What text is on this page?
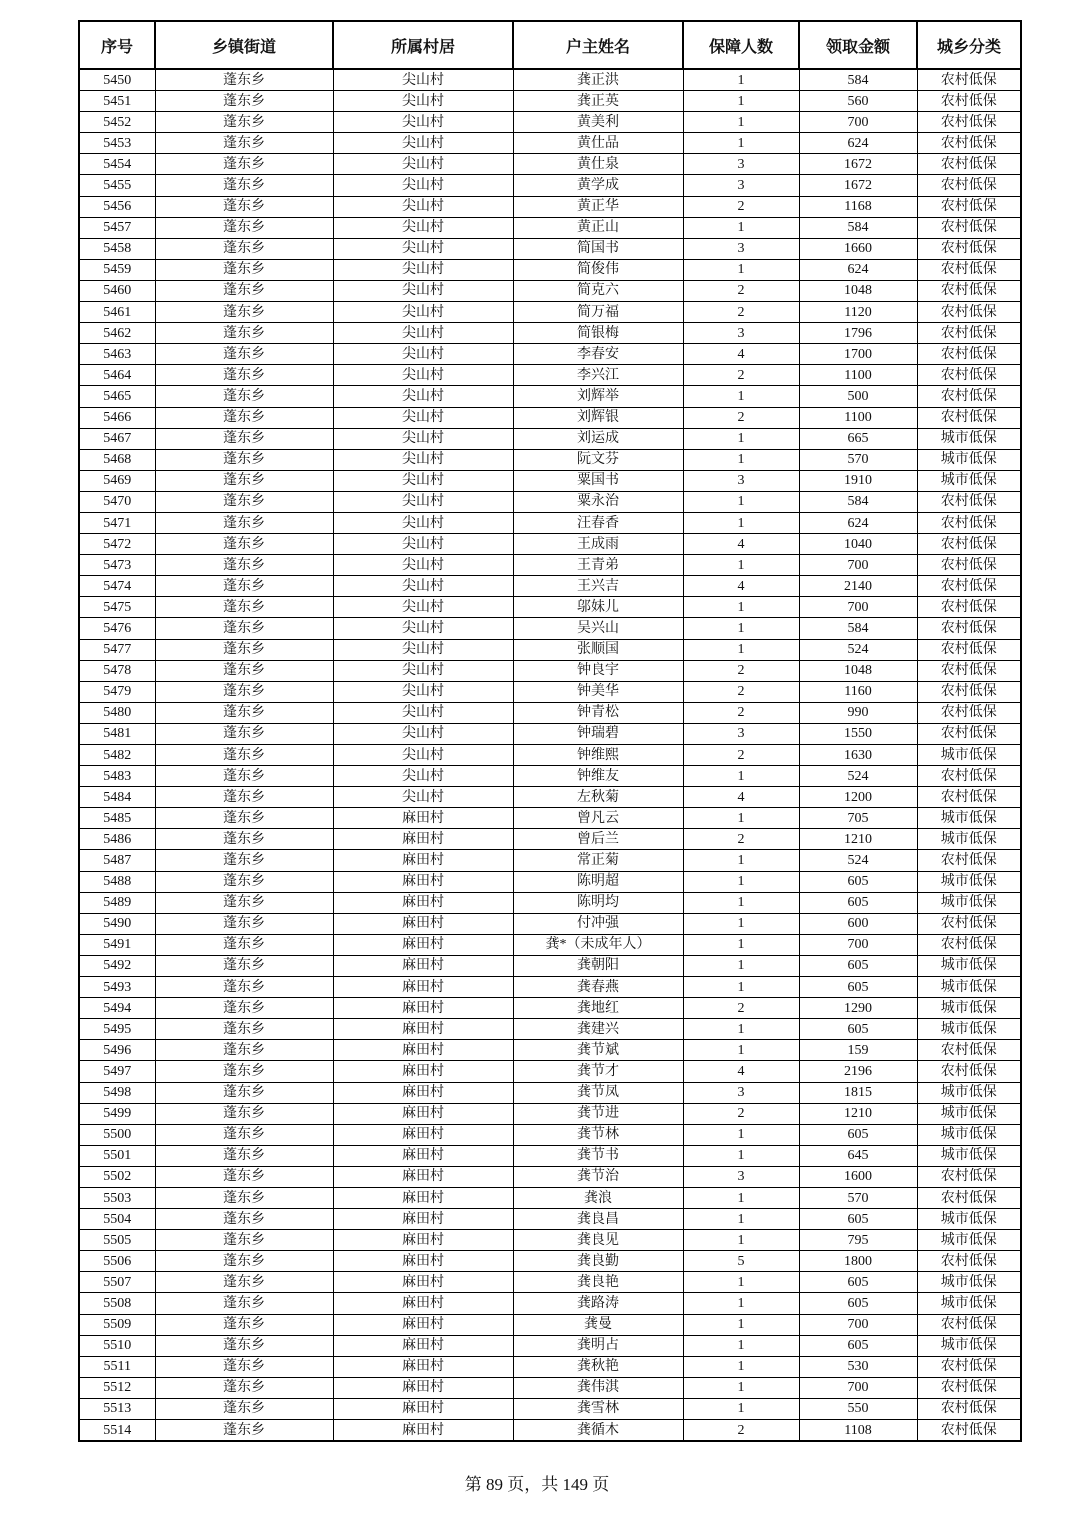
序号	乡镇街道	所属村居	户主姓名	保障人数	领取金额	城乡分类
5450	蓬东乡	尖山村	龚正洪	1	584	农村低保
5451	蓬东乡	尖山村	龚正英	1	560	农村低保
5452	蓬东乡	尖山村	黄美利	1	700	农村低保
5453	蓬东乡	尖山村	黄仕品	1	624	农村低保
5454	蓬东乡	尖山村	黄仕泉	3	1672	农村低保
5455	蓬东乡	尖山村	黄学成	3	1672	农村低保
5456	蓬东乡	尖山村	黄正华	2	1168	农村低保
5457	蓬东乡	尖山村	黄正山	1	584	农村低保
5458	蓬东乡	尖山村	简国书	3	1660	农村低保
5459	蓬东乡	尖山村	简俊伟	1	624	农村低保
5460	蓬东乡	尖山村	简克六	2	1048	农村低保
5461	蓬东乡	尖山村	简万福	2	1120	农村低保
5462	蓬东乡	尖山村	简银梅	3	1796	农村低保
5463	蓬东乡	尖山村	李春安	4	1700	农村低保
5464	蓬东乡	尖山村	李兴江	2	1100	农村低保
5465	蓬东乡	尖山村	刘辉举	1	500	农村低保
5466	蓬东乡	尖山村	刘辉银	2	1100	农村低保
5467	蓬东乡	尖山村	刘运成	1	665	城市低保
5468	蓬东乡	尖山村	阮文芬	1	570	城市低保
5469	蓬东乡	尖山村	粟国书	3	1910	城市低保
5470	蓬东乡	尖山村	粟永治	1	584	农村低保
5471	蓬东乡	尖山村	汪春香	1	624	农村低保
5472	蓬东乡	尖山村	王成雨	4	1040	农村低保
5473	蓬东乡	尖山村	王青弟	1	700	农村低保
5474	蓬东乡	尖山村	王兴吉	4	2140	农村低保
5475	蓬东乡	尖山村	邬妹儿	1	700	农村低保
5476	蓬东乡	尖山村	吴兴山	1	584	农村低保
5477	蓬东乡	尖山村	张顺国	1	524	农村低保
5478	蓬东乡	尖山村	钟良宇	2	1048	农村低保
5479	蓬东乡	尖山村	钟美华	2	1160	农村低保
5480	蓬东乡	尖山村	钟青松	2	990	农村低保
5481	蓬东乡	尖山村	钟瑞碧	3	1550	农村低保
5482	蓬东乡	尖山村	钟维熙	2	1630	城市低保
5483	蓬东乡	尖山村	钟维友	1	524	农村低保
5484	蓬东乡	尖山村	左秋菊	4	1200	农村低保
5485	蓬东乡	麻田村	曾凡云	1	705	城市低保
5486	蓬东乡	麻田村	曾后兰	2	1210	城市低保
5487	蓬东乡	麻田村	常正菊	1	524	农村低保
5488	蓬东乡	麻田村	陈明超	1	605	城市低保
5489	蓬东乡	麻田村	陈明均	1	605	城市低保
5490	蓬东乡	麻田村	付冲强	1	600	农村低保
5491	蓬东乡	麻田村	龚*（未成年人）	1	700	农村低保
5492	蓬东乡	麻田村	龚朝阳	1	605	城市低保
5493	蓬东乡	麻田村	龚春燕	1	605	城市低保
5494	蓬东乡	麻田村	龚地红	2	1290	城市低保
5495	蓬东乡	麻田村	龚建兴	1	605	城市低保
5496	蓬东乡	麻田村	龚节斌	1	159	农村低保
5497	蓬东乡	麻田村	龚节才	4	2196	农村低保
5498	蓬东乡	麻田村	龚节凤	3	1815	城市低保
5499	蓬东乡	麻田村	龚节进	2	1210	城市低保
5500	蓬东乡	麻田村	龚节林	1	605	城市低保
5501	蓬东乡	麻田村	龚节书	1	645	城市低保
5502	蓬东乡	麻田村	龚节治	3	1600	农村低保
5503	蓬东乡	麻田村	龚浪	1	570	农村低保
5504	蓬东乡	麻田村	龚良昌	1	605	城市低保
5505	蓬东乡	麻田村	龚良见	1	795	城市低保
5506	蓬东乡	麻田村	龚良勤	5	1800	农村低保
5507	蓬东乡	麻田村	龚良艳	1	605	城市低保
5508	蓬东乡	麻田村	龚路涛	1	605	城市低保
5509	蓬东乡	麻田村	龚曼	1	700	农村低保
5510	蓬东乡	麻田村	龚明占	1	605	城市低保
5511	蓬东乡	麻田村	龚秋艳	1	530	农村低保
5512	蓬东乡	麻田村	龚伟淇	1	700	农村低保
5513	蓬东乡	麻田村	龚雪林	1	550	农村低保
5514	蓬东乡	麻田村	龚循木	2	1108	农村低保
第 89 页，共 149 页
